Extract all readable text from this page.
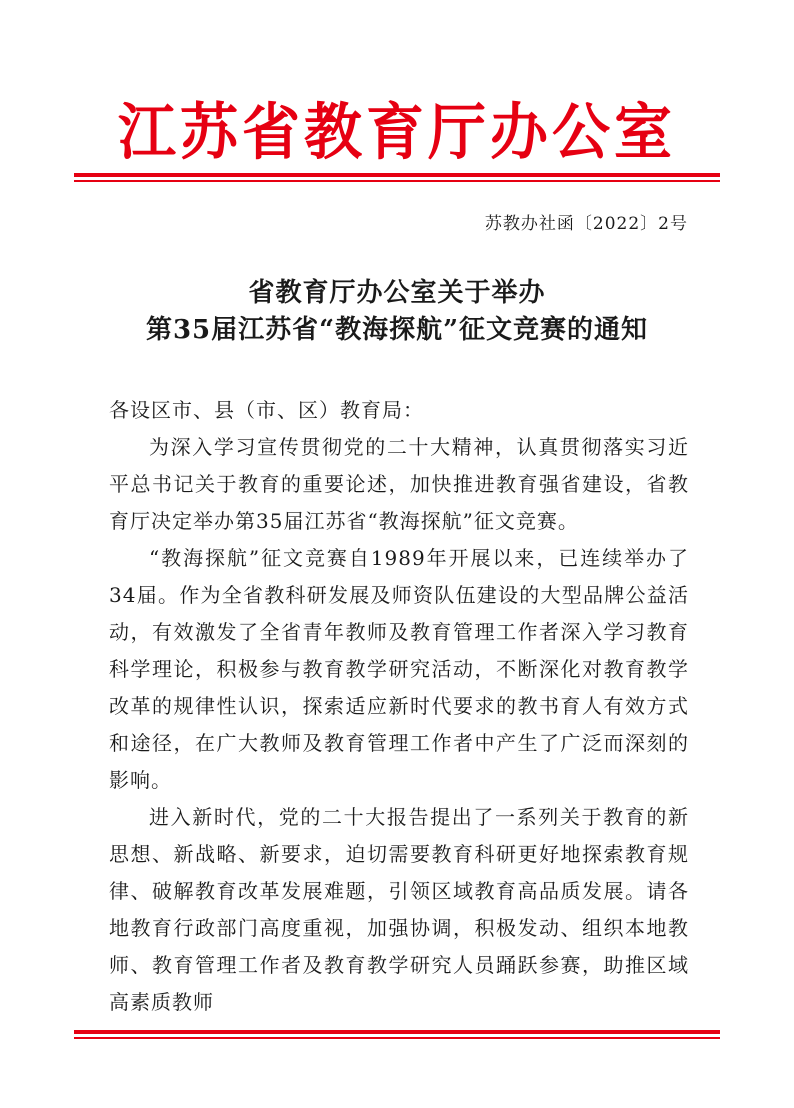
江苏省教育厅办公室
苏教办社函〔2022〕2号
省教育厅办公室关于举办
第35届江苏省“教海探航”征文竞赛的通知

各设区市、县（市、区）教育局：

为深入学习宣传贯彻党的二十大精神，认真贯彻落实习近平总书记关于教育的重要论述，加快推进教育强省建设，省教育厅决定举办第35届江苏省“教海探航”征文竞赛。

“教海探航”征文竞赛自1989年开展以来，已连续举办了34届。作为全省教科研发展及师资队伍建设的大型品牌公益活动，有效激发了全省青年教师及教育管理工作者深入学习教育科学理论，积极参与教育教学研究活动，不断深化对教育教学改革的规律性认识，探索适应新时代要求的教书育人有效方式和途径，在广大教师及教育管理工作者中产生了广泛而深刻的影响。

进入新时代，党的二十大报告提出了一系列关于教育的新思想、新战略、新要求，迫切需要教育科研更好地探索教育规律、破解教育改革发展难题，引领区域教育高品质发展。请各地教育行政部门高度重视，加强协调，积极发动、组织本地教师、教育管理工作者及教育教学研究人员踊跃参赛，助推区域高素质教师
